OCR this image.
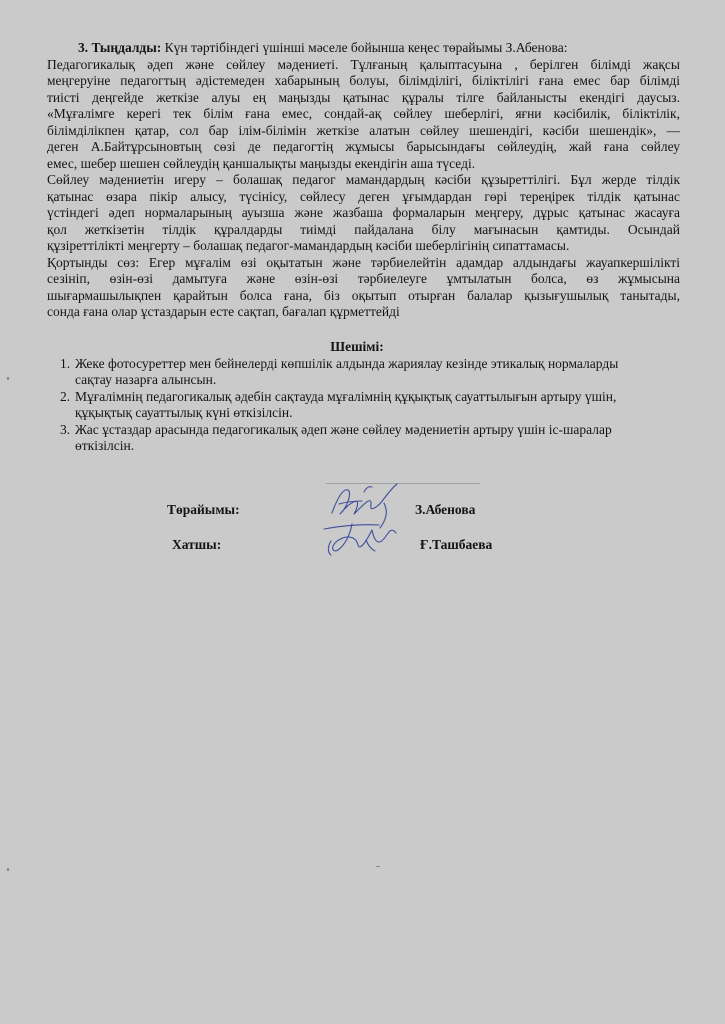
3. Тыңдалды: Күн тәртібіндегі үшінші мәселе бойынша кеңес төрайымы З.Абенова:
Педагогикалық әдеп және сөйлеу мәдениеті. Тұлғаның қалыптасуына , берілген білімді жақсы
меңгеруіне педагогтың әдістемеден хабарының болуы, білімділігі, біліктілігі ғана емес бар білімді
тиісті деңгейде жеткізе алуы ең маңызды қатынас құралы тілге байланысты екендігі даусыз.
«Мұғалімге керегі тек білім ғана емес, сондай-ақ сөйлеу шеберлігі, яғни кәсібилік, біліктілік,
білімділікпен қатар, сол бар ілім-білімін жеткізе алатын сөйлеу шешендігі, кәсіби шешендік», —
деген А.Байтұрсыновтың сөзі де педагогтің жұмысы барысындағы сөйлеудің, жай ғана сөйлеу
емес, шебер шешен сөйлеудің қаншалықты маңызды екендігін аша түседі.
Сөйлеу мәдениетін игеру – болашақ педагог мамандардың кәсіби құзыреттілігі. Бұл жерде тілдік
қатынас өзара пікір алысу, түсінісу, сөйлесу деген ұғымдардан гөрі тереңірек тілдік қатынас
үстіндегі әдеп нормаларының ауызша және жазбаша формаларын меңгеру, дұрыс қатынас жасауға
қол жеткізетін тілдік құралдарды тиімді пайдалана білу мағынасын қамтиды. Осындай
құзіреттілікті меңгерту – болашақ педагог-мамандардың кәсіби шеберлігінің сипаттамасы.
Қортынды сөз: Егер мұғалім өзі оқытатын және тәрбиелейтін адамдар алдындағы жауапкершілікті
сезініп, өзін-өзі дамытуға және өзін-өзі тәрбиелеуге ұмтылатын болса, өз жұмысына
шығармашылықпен қарайтын болса ғана, біз оқытып отырған балалар қызығушылық танытады,
сонда ғана олар ұстаздарын есте сақтап, бағалап құрметтейді
Шешімі:
1. Жеке фотосуреттер мен бейнелерді көпшілік алдында жариялау кезінде этикалық нормаларды
сақтау назарға алынсын.
2. Мұғалімнің педагогикалық әдебін сақтауда мұғалімнің құқықтық сауаттылығын артыру үшін,
құқықтық сауаттылық күні өткізілсін.
3. Жас ұстаздар арасында педагогикалық әдеп және сөйлеу мәдениетін артыру үшін іс-шаралар
өткізілсін.
Төрайымы:	З.Абенова
Хатшы:	Ғ.Ташбаева
